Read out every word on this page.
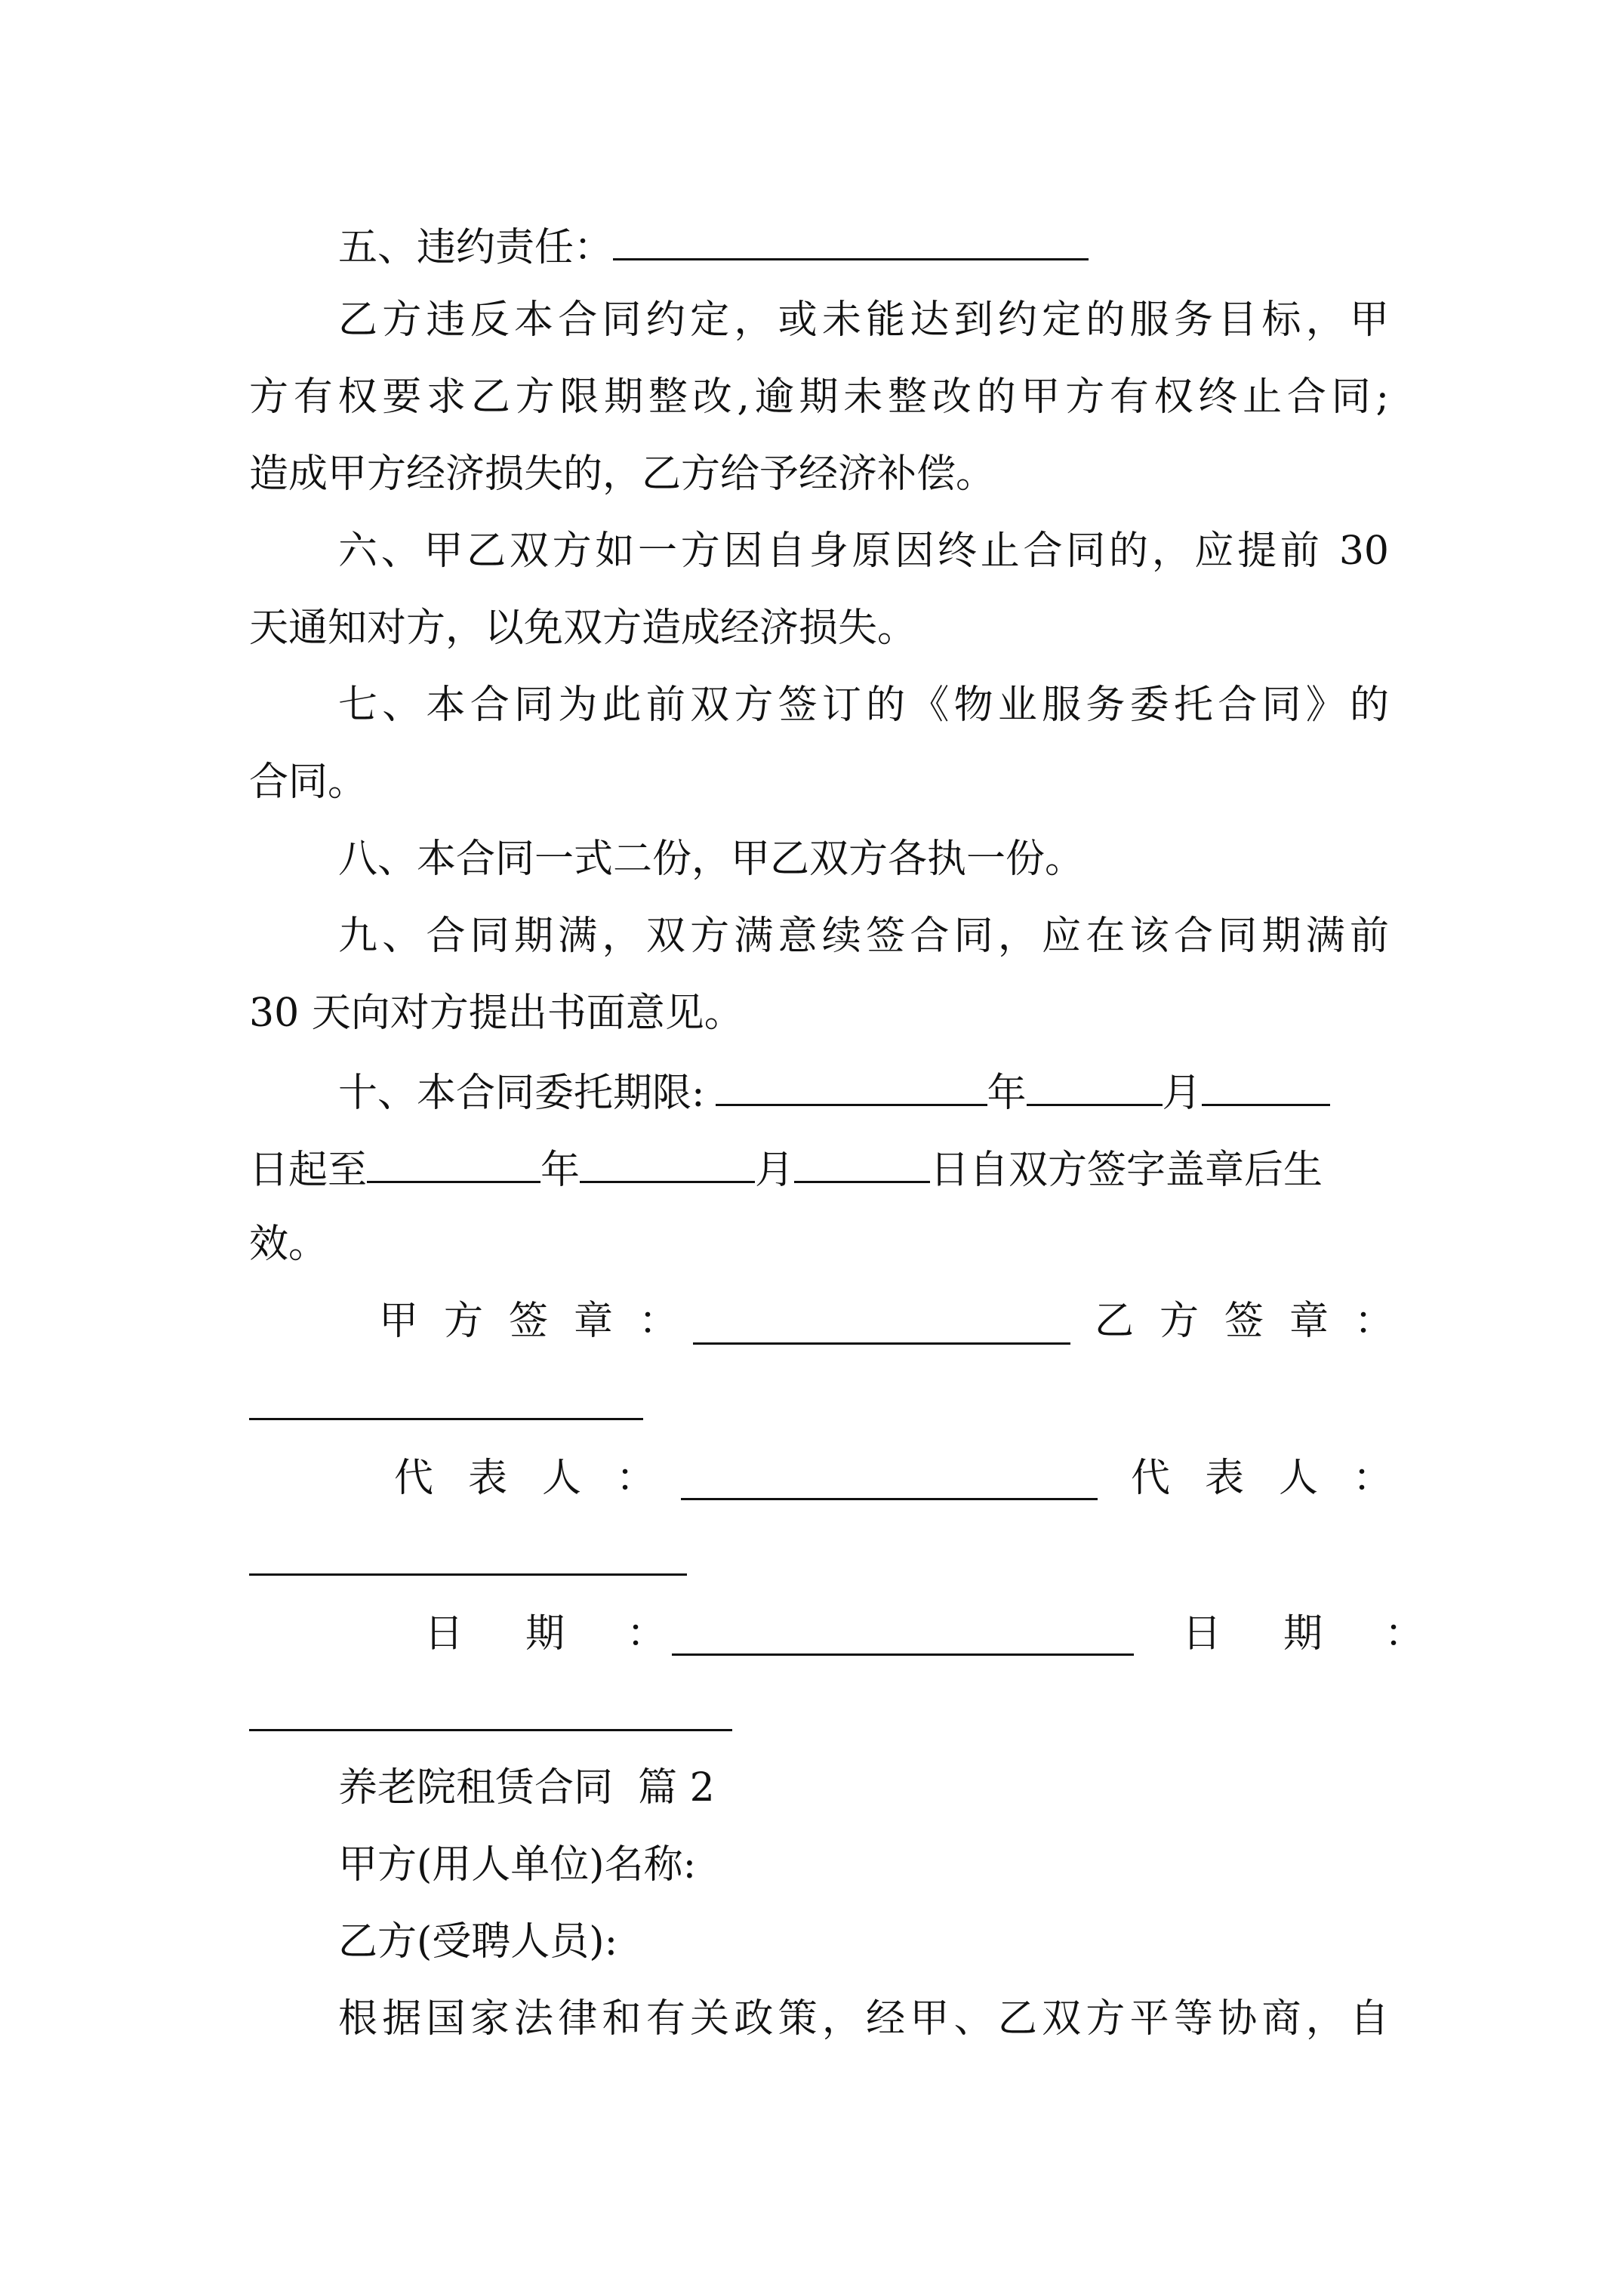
五、违约责任：
乙方违反本合同约定，或未能达到约定的服务目标，甲
方有权要求乙方限期整改,逾期未整改的甲方有权终止合同;
造成甲方经济损失的，乙方给予经济补偿。
六、甲乙双方如一方因自身原因终止合同的，应提前 30
天通知对方，以免双方造成经济损失。
七、本合同为此前双方签订的《物业服务委托合同》的
合同。
八、本合同一式二份，甲乙双方各执一份。
九、合同期满，双方满意续签合同，应在该合同期满前
30 天向对方提出书面意见。
十、本合同委托期限:	年	月
日起至	年	月	日自双方签字盖章后生
效。
甲方签章：	乙方签章：
代表人：	代表人：
日期：	日期：
养老院租赁合同  篇 2
甲方(用人单位)名称:
乙方(受聘人员):
根据国家法律和有关政策，经甲、乙双方平等协商，自
